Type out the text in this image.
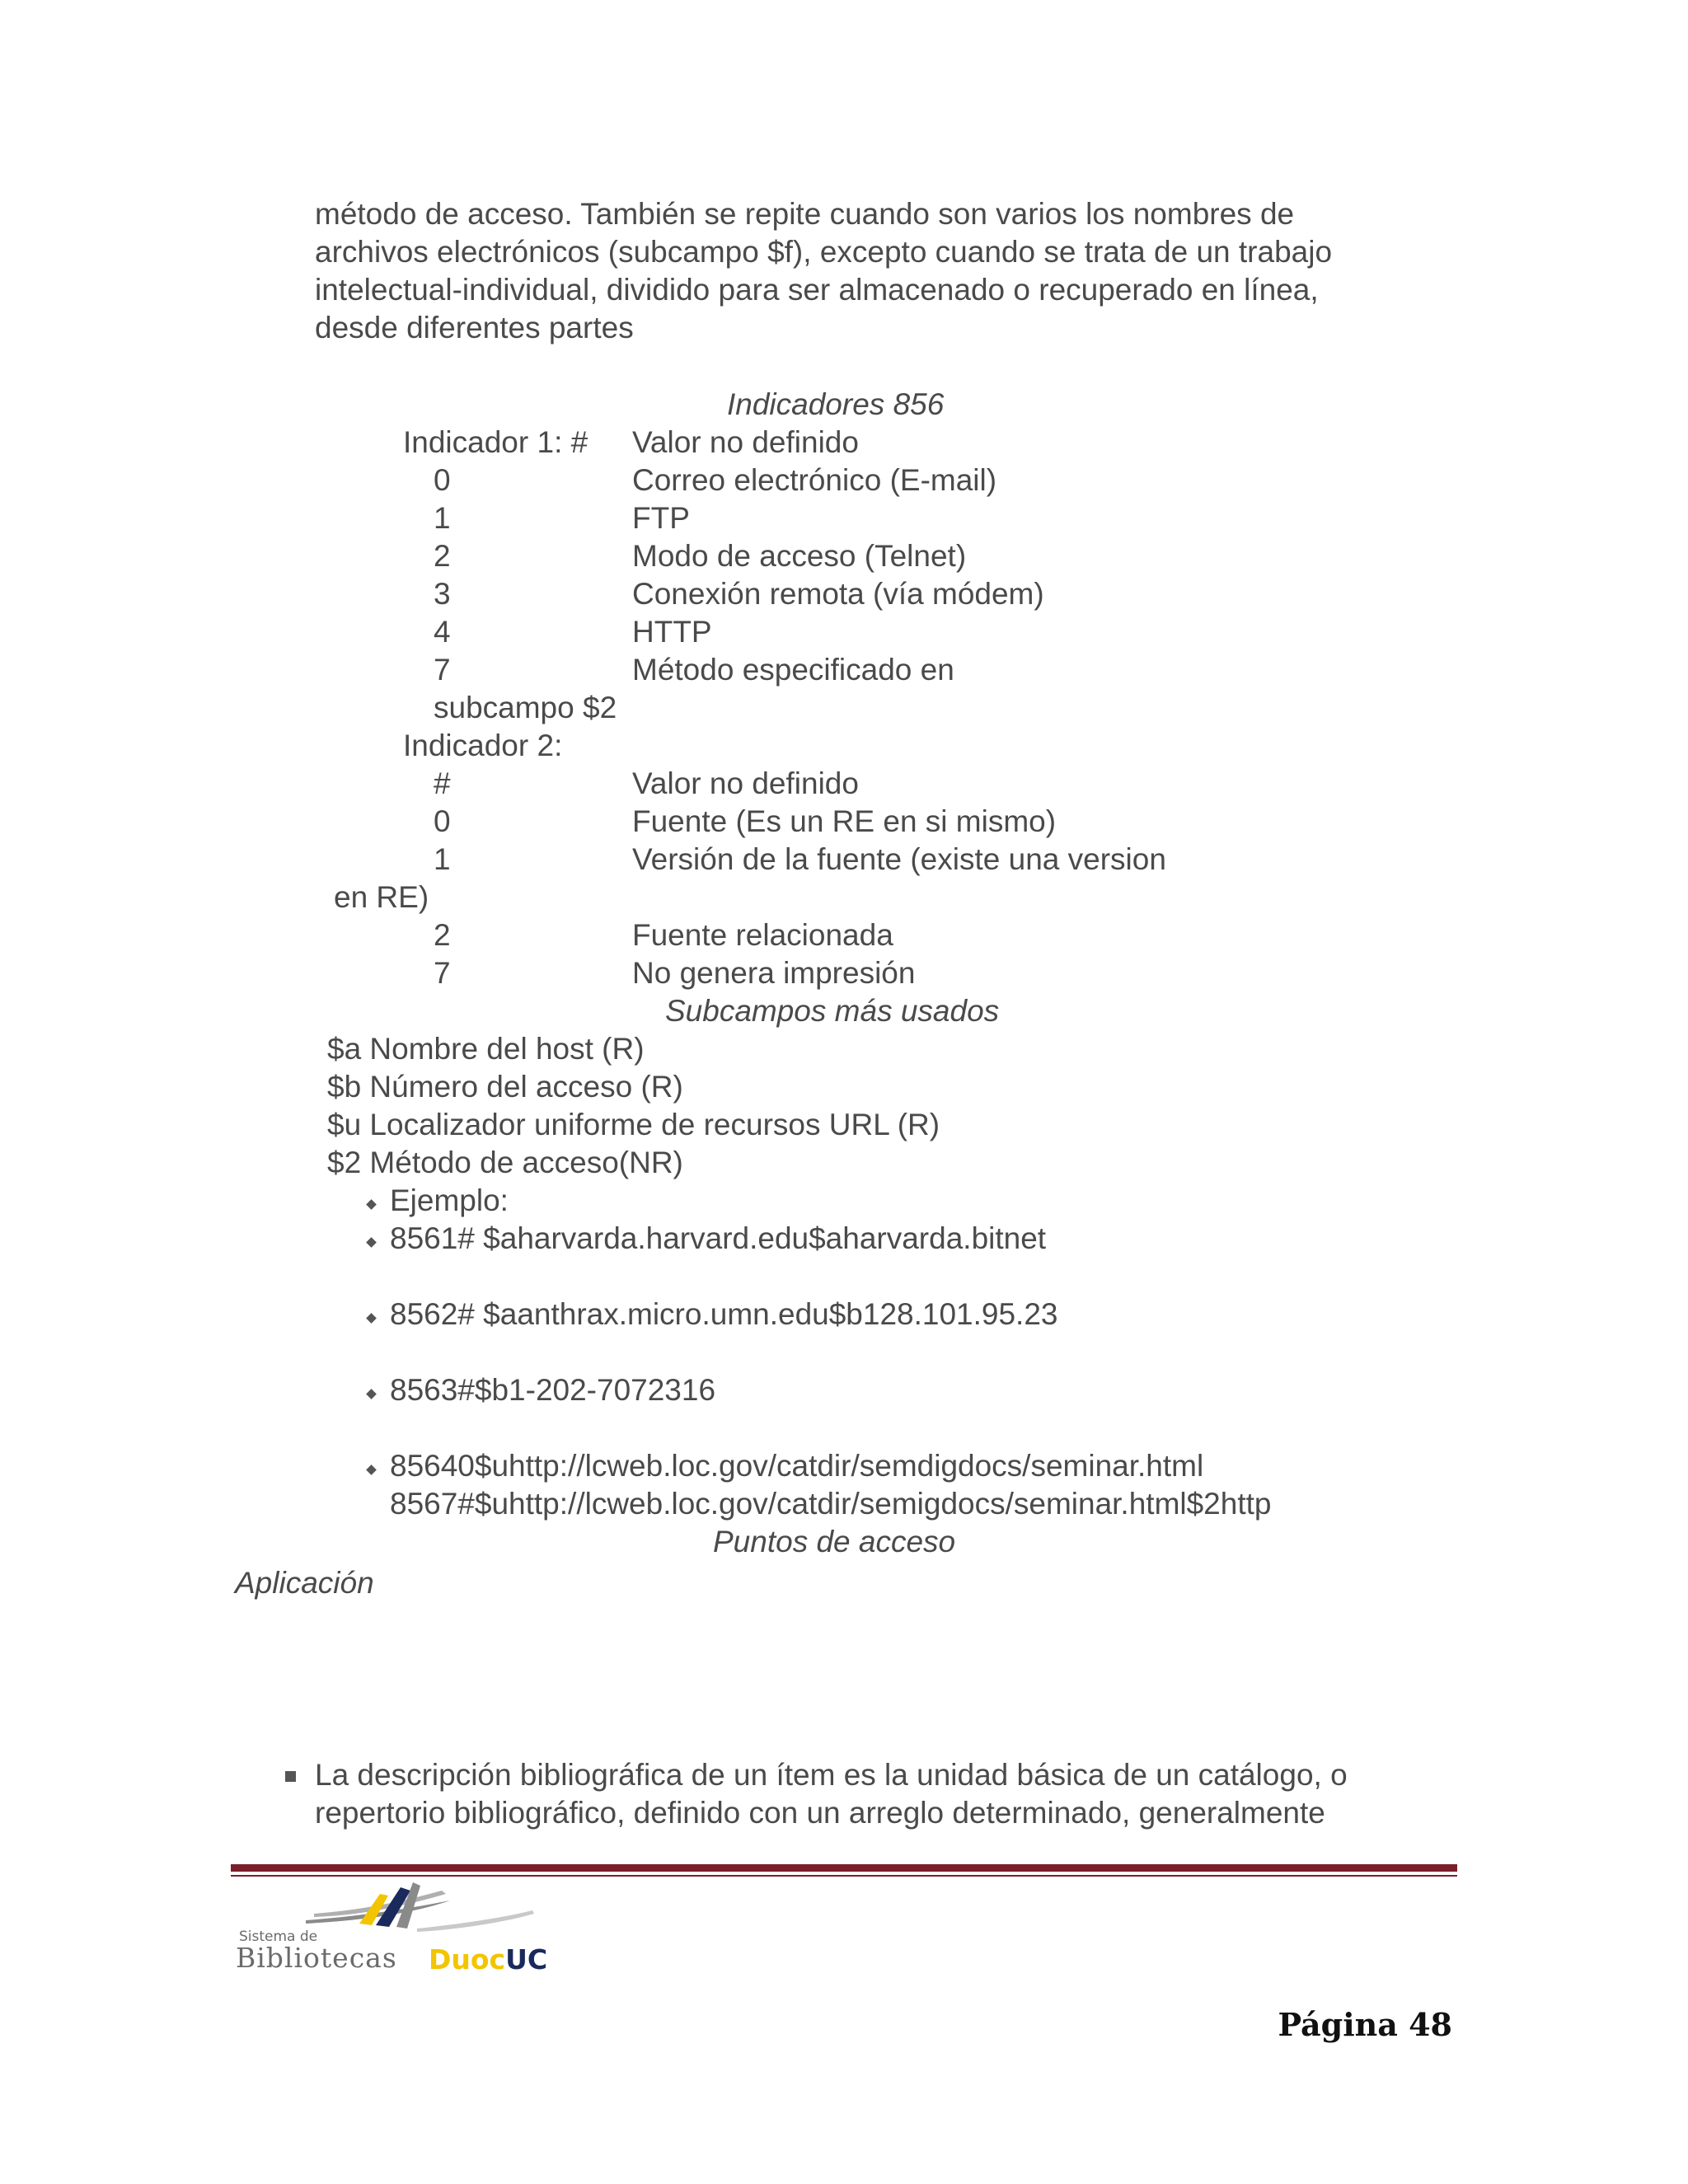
método de acceso. También se repite cuando son varios los nombres de
archivos electrónicos (subcampo $f), excepto cuando se trata de un trabajo
intelectual-individual, dividido para ser almacenado o recuperado en línea,
desde diferentes partes
Indicadores 856
Indicador 1: # Valor no definido
0	Correo electrónico (E-mail)
1	FTP
2	Modo de acceso (Telnet)
3	Conexión remota (vía módem)
4	HTTP
7	Método especificado en
subcampo $2
Indicador 2:
#	Valor no definido
0	Fuente (Es un RE en si mismo)
1	Versión de la fuente (existe una version
en RE)
2	Fuente relacionada
7	No genera impresión
Subcampos más usados
$a Nombre del host (R)
$b Número del acceso (R)
$u Localizador uniforme de recursos URL (R)
$2 Método de acceso(NR)
Ejemplo:
8561# $aharvarda.harvard.edu$aharvarda.bitnet
8562# $aanthrax.micro.umn.edu$b128.101.95.23
8563#$b1-202-7072316
85640$uhttp://lcweb.loc.gov/catdir/semdigdocs/seminar.html
8567#$uhttp://lcweb.loc.gov/catdir/semigdocs/seminar.html$2http
Puntos de acceso
Aplicación
La descripción bibliográfica de un ítem es la unidad básica de un catálogo, o
repertorio bibliográfico, definido con un arreglo determinado, generalmente
Sistema de
Bibliotecas DuocUC
Página 48
